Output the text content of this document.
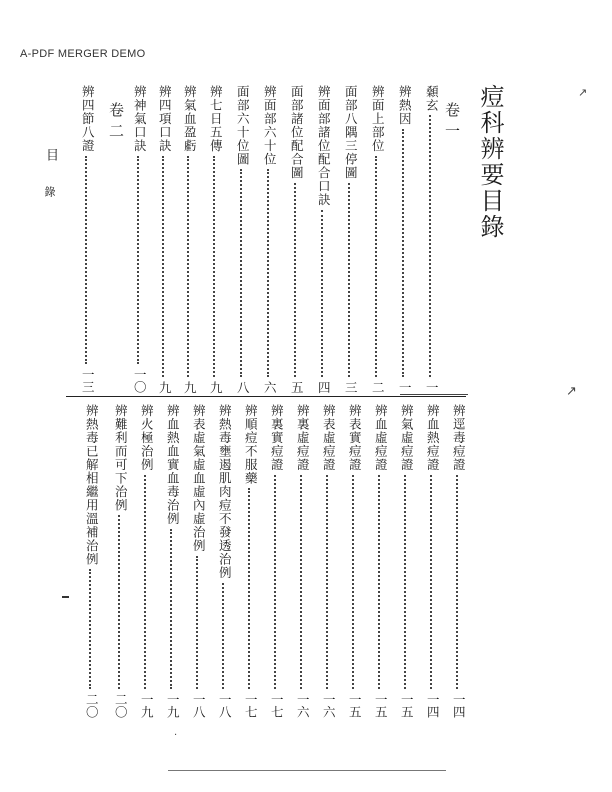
A-PDF MERGER DEMO
痘科辨要目錄
卷一
卷二
目
錄
顙玄
一
辨熱因
一
辨面上部位
二
面部八隅三停圖
三
辨面部諸位配合口訣
四
面部諸位配合圖
五
辨面部六十位
六
面部六十位圖
八
辨七日五傳
九
辨氣血盈虧
九
辨四項口訣
九
辨神氣口訣
一〇
辨四節八證
一三
辨逕毒痘證
一四
辨血熱痘證
一四
辨氣虛痘證
一五
辨血虛痘證
一五
辨表實痘證
一五
辨表虛痘證
一六
辨裏虛痘證
一六
辨裏實痘證
一七
辨順痘不服藥
一七
辨熱毒壅遏肌肉痘不發透治例
一八
辨表虛氣虛血虛內虛治例
一八
辨血熱血實血毒治例
一九
辨火極治例
一九
辨難利而可下治例
二〇
辨熱毒已解相繼用溫補治例
二〇
↗
↗
·
